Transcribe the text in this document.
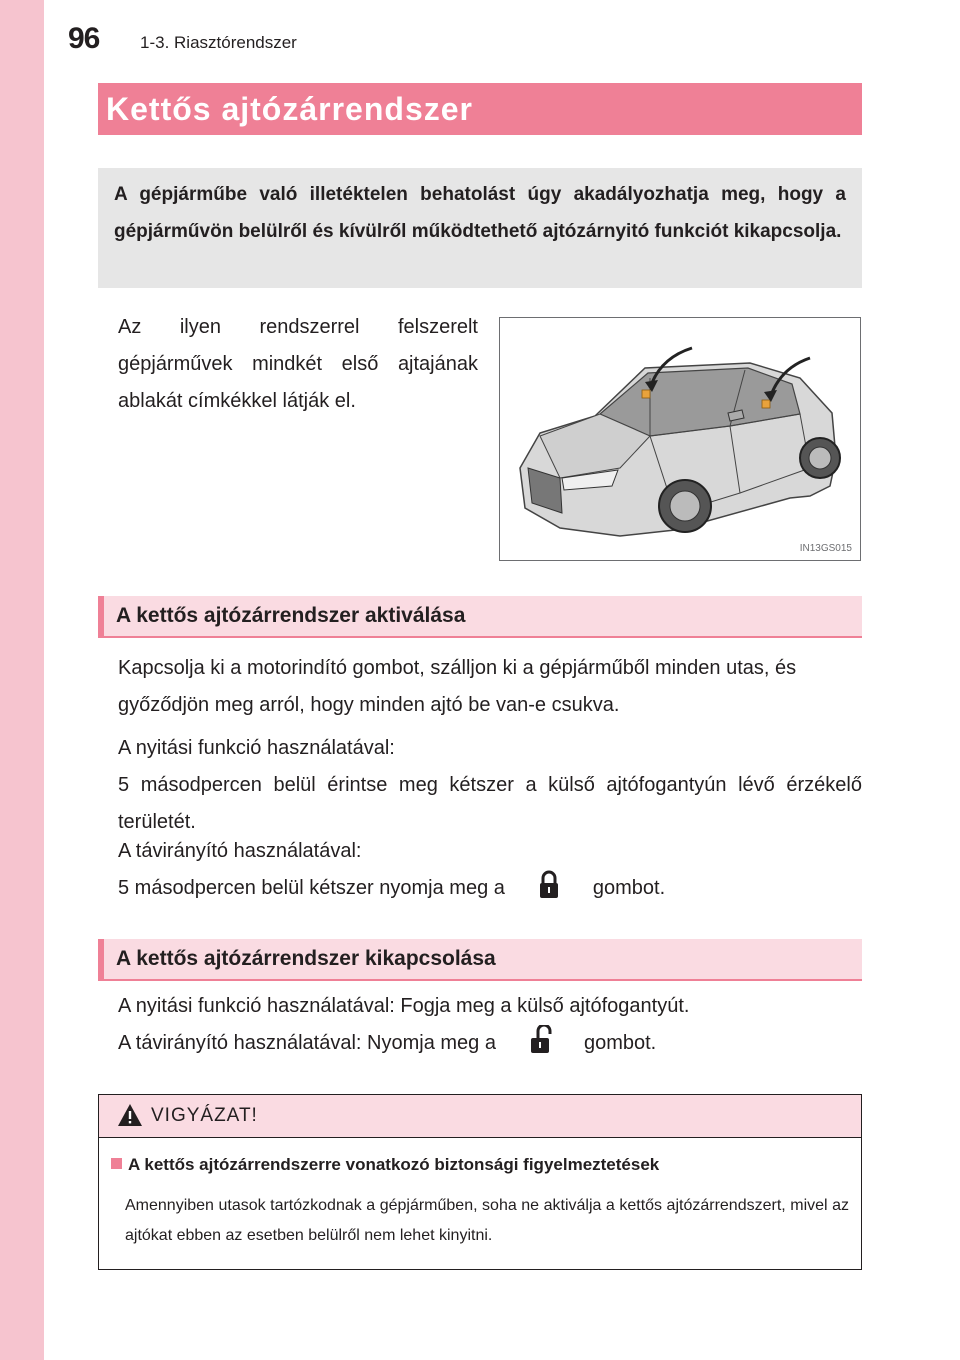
96 1-3. Riasztórendszer
Kettős ajtózárrendszer
A gépjárműbe való illetéktelen behatolást úgy akadályozhatja meg, hogy a gépjárművön belülről és kívülről működtethető ajtózárnyitó funkciót kikapcsolja.
Az ilyen rendszerrel felszerelt gépjárművek mindkét első ajtajának ablakát címkékkel látják el.
IN13GS015
A kettős ajtózárrendszer aktiválása
Kapcsolja ki a motorindító gombot, szálljon ki a gépjárműből minden utas, és győződjön meg arról, hogy minden ajtó be van-e csukva.
A nyitási funkció használatával:
5 másodpercen belül érintse meg kétszer a külső ajtófogantyún lévő érzékelő területét.
A távirányító használatával:
5 másodpercen belül kétszer nyomja meg a	gombot.
A kettős ajtózárrendszer kikapcsolása
A nyitási funkció használatával: Fogja meg a külső ajtófogantyút.
A távirányító használatával: Nyomja meg a	gombot.
VIGYÁZAT!
A kettős ajtózárrendszerre vonatkozó biztonsági figyelmeztetések
Amennyiben utasok tartózkodnak a gépjárműben, soha ne aktiválja a kettős ajtózárrendszert, mivel az ajtókat ebben az esetben belülről nem lehet kinyitni.
